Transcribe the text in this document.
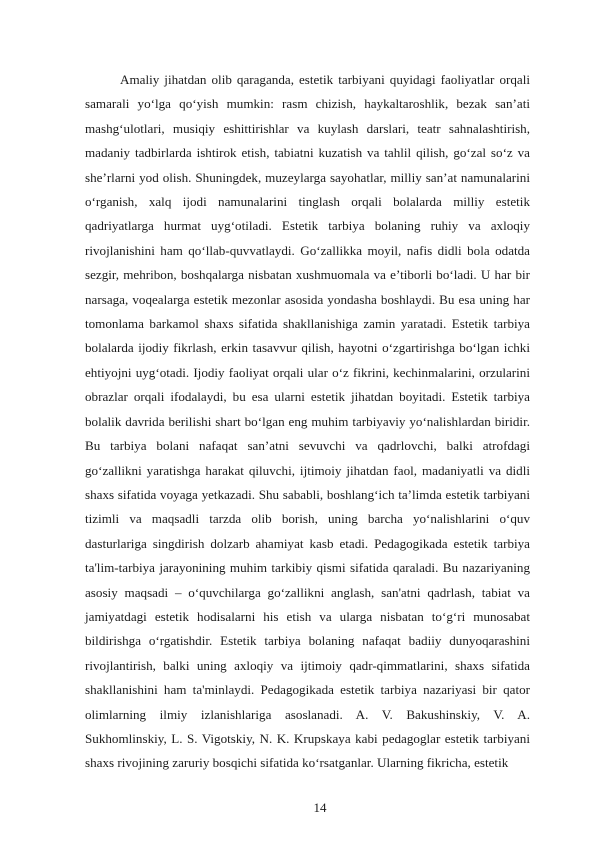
Amaliy jihatdan olib qaraganda, estetik tarbiyani quyidagi faoliyatlar orqali samarali yo‘lga qo‘yish mumkin: rasm chizish, haykaltaroshlik, bezak san’ati mashg‘ulotlari, musiqiy eshittirishlar va kuylash darslari, teatr sahnalashtirish, madaniy tadbirlarda ishtirok etish, tabiatni kuzatish va tahlil qilish, go‘zal so‘z va she’rlarni yod olish. Shuningdek, muzeylarga sayohatlar, milliy san’at namunalarini o‘rganish, xalq ijodi namunalarini tinglash orqali bolalarda milliy estetik qadriyatlarga hurmat uyg‘otiladi. Estetik tarbiya bolaning ruhiy va axloqiy rivojlanishini ham qo‘llab-quvvatlaydi. Go‘zallikka moyil, nafis didli bola odatda sezgir, mehribon, boshqalarga nisbatan xushmuomala va e’tiborli bo‘ladi. U har bir narsaga, voqealarga estetik mezonlar asosida yondasha boshlaydi. Bu esa uning har tomonlama barkamol shaxs sifatida shakllanishiga zamin yaratadi. Estetik tarbiya bolalarda ijodiy fikrlash, erkin tasavvur qilish, hayotni o‘zgartirishga bo‘lgan ichki ehtiyojni uyg‘otadi. Ijodiy faoliyat orqali ular o‘z fikrini, kechinmalarini, orzularini obrazlar orqali ifodalaydi, bu esa ularni estetik jihatdan boyitadi. Estetik tarbiya bolalik davrida berilishi shart bo‘lgan eng muhim tarbiyaviy yo‘nalishlardan biridir. Bu tarbiya bolani nafaqat san’atni sevuvchi va qadrlovchi, balki atrofdagi go‘zallikni yaratishga harakat qiluvchi, ijtimoiy jihatdan faol, madaniyatli va didli shaxs sifatida voyaga yetkazadi. Shu sababli, boshlang‘ich ta’limda estetik tarbiyani tizimli va maqsadli tarzda olib borish, uning barcha yo‘nalishlarini o‘quv dasturlariga singdirish dolzarb ahamiyat kasb etadi. Pedagogikada estetik tarbiya ta'lim-tarbiya jarayonining muhim tarkibiy qismi sifatida qaraladi. Bu nazariyaning asosiy maqsadi – o‘quvchilarga go‘zallikni anglash, san'atni qadrlash, tabiat va jamiyatdagi estetik hodisalarni his etish va ularga nisbatan to‘g‘ri munosabat bildirishga o‘rgatishdir. Estetik tarbiya bolaning nafaqat badiiy dunyoqarashini rivojlantirish, balki uning axloqiy va ijtimoiy qadr-qimmatlarini, shaxs sifatida shakllanishini ham ta'minlaydi. Pedagogikada estetik tarbiya nazariyasi bir qator olimlarning ilmiy izlanishlariga asoslanadi. A. V. Bakushinskiy, V. A. Sukhomlinskiy, L. S. Vigotskiy, N. K. Krupskaya kabi pedagoglar estetik tarbiyani shaxs rivojining zaruriy bosqichi sifatida ko‘rsatganlar. Ularning fikricha, estetik

14
